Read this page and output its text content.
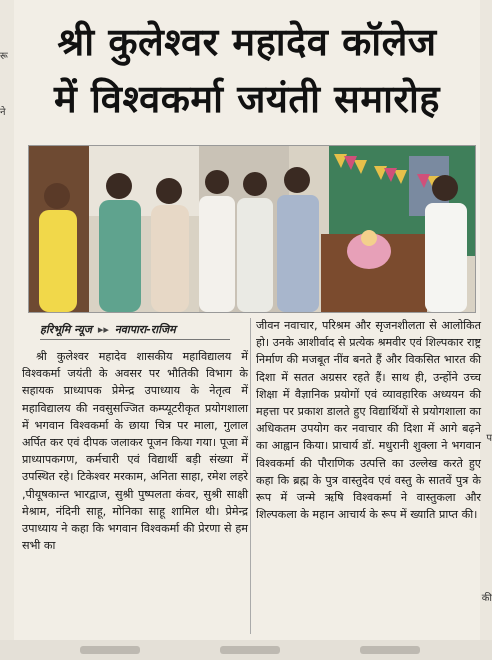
रू
ने
प
की
श्री कुलेश्वर महादेव कॉलेज
में विश्वकर्मा जयंती समारोह
हरिभूमि न्यूज ▸▸ नवापारा-राजिम

श्री कुलेश्वर महादेव शासकीय महाविद्यालय में विश्वकर्मा जयंती के अवसर पर भौतिकी विभाग के सहायक प्राध्यापक प्रेमेन्द्र उपाध्याय के नेतृत्व में महाविद्यालय की नवसुसज्जित कम्प्यूटरीकृत प्रयोगशाला में भगवान विश्वकर्मा के छाया चित्र पर माला, गुलाल अर्पित कर एवं दीपक जलाकर पूजन किया गया। पूजा में प्राध्यापकगण, कर्मचारी एवं विद्यार्थी बड़ी संख्या में उपस्थित रहे। टिकेश्वर मरकाम, अनिता साहा, रमेश लहरे ,पीयूषकान्त भारद्वाज, सुश्री पुष्पलता कंवर, सुश्री साक्षी मेश्राम, नंदिनी साहू, मोनिका साहू शामिल थी। प्रेमेन्द्र उपाध्याय ने कहा कि भगवान विश्वकर्मा की प्रेरणा से हम सभी का

जीवन नवाचार, परिश्रम और सृजनशीलता से आलोकित हो। उनके आशीर्वाद से प्रत्येक श्रमवीर एवं शिल्पकार राष्ट्र निर्माण की मजबूत नींव बनते हैं और विकसित भारत की दिशा में सतत अग्रसर रहते हैं। साथ ही, उन्होंने उच्च शिक्षा में वैज्ञानिक प्रयोगों एवं व्यावहारिक अध्ययन की महत्ता पर प्रकाश डालते हुए विद्यार्थियों से प्रयोगशाला का अधिकतम उपयोग कर नवाचार की दिशा में आगे बढ़ने का आह्वान किया। प्राचार्य डॉ. मधुरानी शुक्ला ने भगवान विश्वकर्मा की पौराणिक उत्पत्ति का उल्लेख करते हुए कहा कि ब्रह्म के पुत्र वास्तुदेव एवं वस्तु के सातवें पुत्र के रूप में जन्मे ऋषि विश्वकर्मा ने वास्तुकला और शिल्पकला के महान आचार्य के रूप में ख्याति प्राप्त की।
